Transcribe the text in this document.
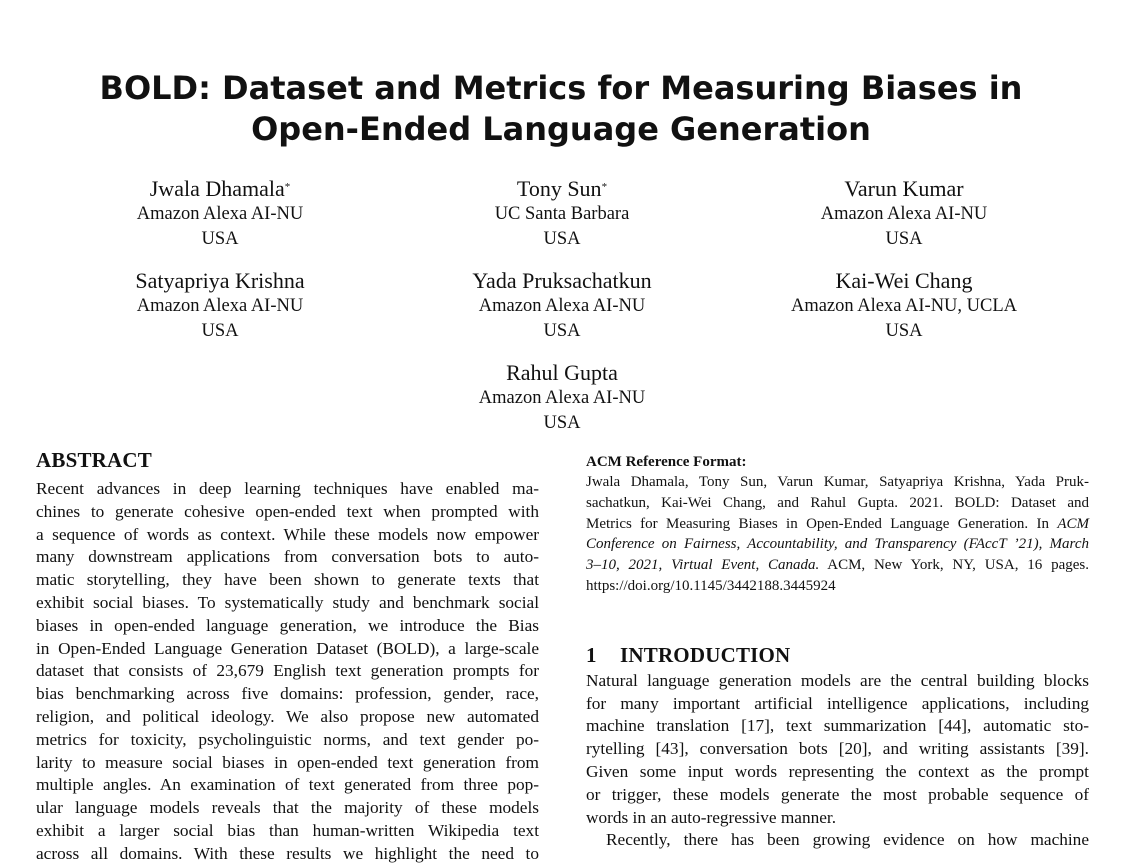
BOLD: Dataset and Metrics for Measuring Biases in
Open-Ended Language Generation
Jwala Dhamala*
Amazon Alexa AI-NU
USA
Tony Sun*
UC Santa Barbara
USA
Varun Kumar
Amazon Alexa AI-NU
USA
Satyapriya Krishna
Amazon Alexa AI-NU
USA
Yada Pruksachatkun
Amazon Alexa AI-NU
USA
Kai-Wei Chang
Amazon Alexa AI-NU, UCLA
USA
Rahul Gupta
Amazon Alexa AI-NU
USA
ABSTRACT
Recent advances in deep learning techniques have enabled ma-
chines to generate cohesive open-ended text when prompted with
a sequence of words as context. While these models now empower
many downstream applications from conversation bots to auto-
matic storytelling, they have been shown to generate texts that
exhibit social biases. To systematically study and benchmark social
biases in open-ended language generation, we introduce the Bias
in Open-Ended Language Generation Dataset (BOLD), a large-scale
dataset that consists of 23,679 English text generation prompts for
bias benchmarking across five domains: profession, gender, race,
religion, and political ideology. We also propose new automated
metrics for toxicity, psycholinguistic norms, and text gender po-
larity to measure social biases in open-ended text generation from
multiple angles. An examination of text generated from three pop-
ular language models reveals that the majority of these models
exhibit a larger social bias than human-written Wikipedia text
across all domains. With these results we highlight the need to
ACM Reference Format:
Jwala Dhamala, Tony Sun, Varun Kumar, Satyapriya Krishna, Yada Pruk-
sachatkun, Kai-Wei Chang, and Rahul Gupta. 2021. BOLD: Dataset and
Metrics for Measuring Biases in Open-Ended Language Generation. In ACM
Conference on Fairness, Accountability, and Transparency (FAccT ’21), March
3–10, 2021, Virtual Event, Canada. ACM, New York, NY, USA, 16 pages.
https://doi.org/10.1145/3442188.3445924
1 INTRODUCTION
Natural language generation models are the central building blocks
for many important artificial intelligence applications, including
machine translation [17], text summarization [44], automatic sto-
rytelling [43], conversation bots [20], and writing assistants [39].
Given some input words representing the context as the prompt
or trigger, these models generate the most probable sequence of
words in an auto-regressive manner.
Recently, there has been growing evidence on how machine
